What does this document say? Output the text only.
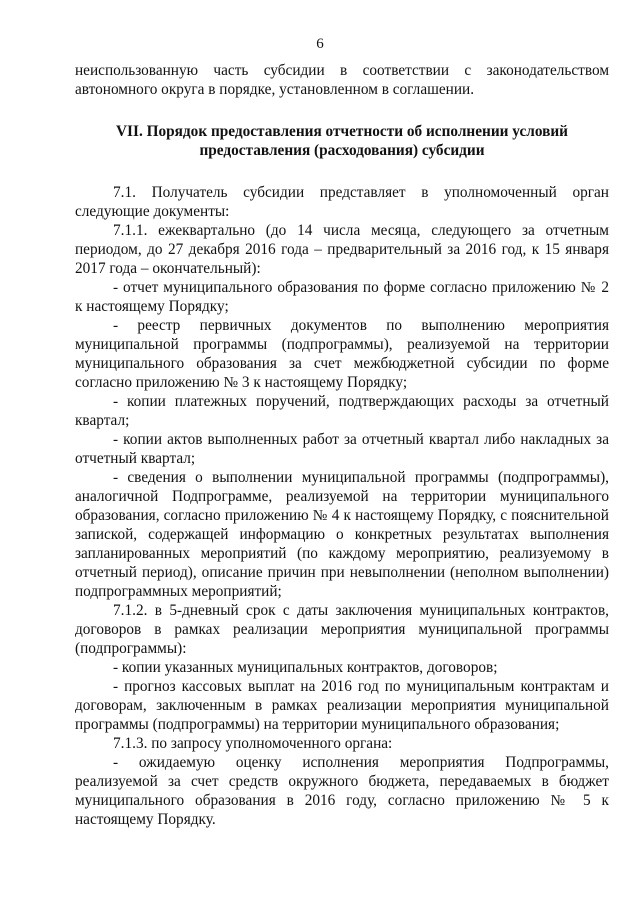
6

неиспользованную часть субсидии в соответствии с законодательством автономного округа в порядке, установленном в соглашении.

VII. Порядок предоставления отчетности об исполнении условий предоставления (расходования) субсидии

7.1. Получатель субсидии представляет в уполномоченный орган следующие документы:

7.1.1. ежеквартально (до 14 числа месяца, следующего за отчетным периодом, до 27 декабря 2016 года – предварительный за 2016 год, к 15 января 2017 года – окончательный):

- отчет муниципального образования по форме согласно приложению № 2 к настоящему Порядку;

- реестр первичных документов по выполнению мероприятия муниципальной программы (подпрограммы), реализуемой на территории муниципального образования за счет межбюджетной субсидии по форме согласно приложению № 3 к настоящему Порядку;

- копии платежных поручений, подтверждающих расходы за отчетный квартал;

- копии актов выполненных работ за отчетный квартал либо накладных за отчетный квартал;

- сведения о выполнении муниципальной программы (подпрограммы), аналогичной Подпрограмме, реализуемой на территории муниципального образования, согласно приложению № 4 к настоящему Порядку, с пояснительной запиской, содержащей информацию о конкретных результатах выполнения запланированных мероприятий (по каждому мероприятию, реализуемому в отчетный период), описание причин при невыполнении (неполном выполнении) подпрограммных мероприятий;

7.1.2. в 5-дневный срок с даты заключения муниципальных контрактов, договоров в рамках реализации мероприятия муниципальной программы (подпрограммы):

- копии указанных муниципальных контрактов, договоров;

- прогноз кассовых выплат на 2016 год по муниципальным контрактам и договорам, заключенным в рамках реализации мероприятия муниципальной программы (подпрограммы) на территории муниципального образования;

7.1.3. по запросу уполномоченного органа:

- ожидаемую оценку исполнения мероприятия Подпрограммы, реализуемой за счет средств окружного бюджета, передаваемых в бюджет муниципального образования в 2016 году, согласно приложению № 5 к настоящему Порядку.
